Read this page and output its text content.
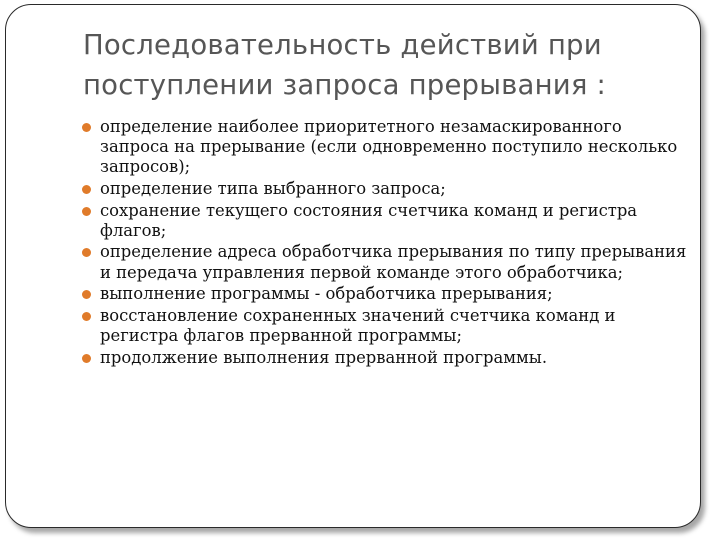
Последовательность действий при
поступлении запроса прерывания :
определение наиболее приоритетного незамаскированного запроса на прерывание (если одновременно поступило несколько запросов);
определение типа выбранного запроса;
сохранение текущего состояния счетчика команд и регистра флагов;
определение адреса обработчика прерывания по типу прерывания и передача управления первой команде этого обработчика;
выполнение программы - обработчика прерывания;
восстановление сохраненных значений счетчика команд и регистра флагов прерванной программы;
продолжение выполнения прерванной программы.
